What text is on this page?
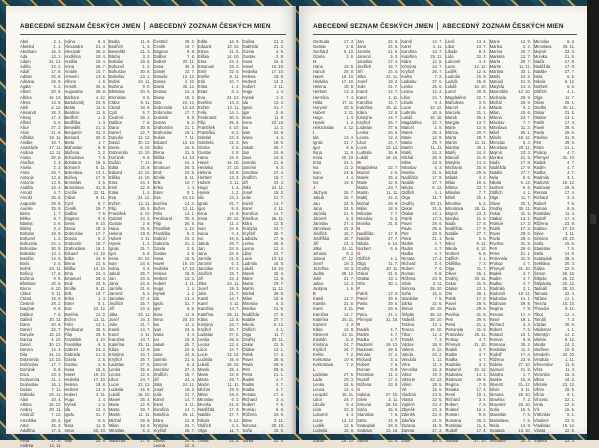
ABECEDNÍ SEZNAM ČESKÝCH JMEN ABECEDNÝ ZOZNAM ČESKÝCH MIEN
Abel	2. 1.
Abelard	1. 1.
Abraham	16. 3.
Ada	13. 1.
Adam	24. 12.
Adéla	23. 2.
Adolf	17. 6.
Adrian	26. 8.
Adriana	26. 8.
Agáta	5. 2.
Albert	20. 5.
Albína	16. 12.
Alena	13. 8.
Aleš	2. 12.
Alexandr	26. 2.
Alexej	17. 3.
Alfréd	6. 6.
Alice	27. 3.
Alois	21. 6.
Alžběta	19. 11.
Amálie	10. 7.
Anastázie	17. 11.
Andrea	13. 11.
Aneta	30. 8.
Anežka	2. 3.
Aniela	2. 3.
Anna	26. 7.
Antonie	13. 6.
Antonín	13. 6.
Anděla	18. 4.
Arnold	4. 7.
Arnošt	30. 6.
Augustin	28. 8.
Aurelie	25. 9.
Berta	1. 7.
Bětka	8. 7.
Blanka	2. 6.
Blažej	3. 2.
Bohdan	19. 8.
Bohumil	1. 2.
Bohumila	24. 1.
Bohuslav	30. 8.
Boleslav	13. 1.
Bonifác	14. 5.
Boris	2. 5.
Bořek	24. 11.
Bořivoj	17. 9.
Božena	9. 6.
Břetislav	20. 6.
Bruno	6. 10.
Ctibor	9. 11.
Ctirad	18. 6.
Čestmír	28. 2.
Dagmar	9. 8.
Dalibor	7. 6.
Dalimil	20. 11.
Dana	30. 8.
Daniel	22. 7.
Danuše	13. 12.
Darina	4. 10.
David	30. 12.
Denisa	14. 4.
Dita	24. 12.
Dobromila	13. 10.
Dobroslav	17. 7.
Dominik	8. 8.
Dora	23. 4.
Drahomíra	21. 1.
Drahoslav	16. 1.
Dušan	7. 11.
Dalimila	20. 11.
Alan	10. 4.
Albína	16. 12.
Andrej	30. 11.
Ambrož	7. 12.
Arnoštka	30. 6.
Artur	25. 3.
Adolfina	17. 6.
Agnes	2. 3.
Alma	27. 6.
Andrea	13. 11.
Adina	8. 3.
Alexandra	21. 4.
Alexandr	26. 2.
Andělína	18. 4.
Anděla	18. 4.
Anna	26. 7.
Amálie	10. 7.
Antonín	13. 6.
Alfons	1. 8.
Arnošt	30. 6.
Augustina	28. 8.
Barbora	4. 12.
Bartoloměj	24. 8.
Beáta	11. 6.
Beatrice	11. 6.
Bedřich	1. 3.
Bedřiška	1. 3.
Benedikt	21. 3.
Benjamín	31. 3.
Bernard	20. 8.
Berta	1. 7.
Blahoslav	9. 9.
Blažena	3. 2.
Bohuslava	7. 8.
Bohdana	19. 8.
Bohumír	5. 11.
Boleslava	13. 1.
Bořivoj	17. 9.
Bronislav	3. 6.
Bronislava	31. 8.
Cecílie	22. 11.
Ctibor	9. 11.
Cyril	5. 7.
Čeněk	19. 7.
Dalibor	7. 6.
Dagmar	9. 8.
Denis	9. 10.
Diana	18. 3.
Dobroslav	17. 7.
Dorota	6. 2.
Drahomír	18. 7.
Drahoslava	16. 1.
Eduard	13. 10.
Edita	16. 9.
Elena	21. 5.
Eliška	14. 10.
Ema	24. 4.
Emanuel	26. 3.
Emil	22. 5.
Emílie	8. 11.
Erik	10. 7.
Erika	1. 4.
Ester	8. 1.
Eva	24. 12.
Evelína	14. 2.
Evžen	13. 11.
Felix	14. 1.
Ferdinand	30. 5.
Filip	26. 5.
František	4. 10.
Františka	9. 3.
Gabriel	24. 3.
Gabriela	21. 3.
Gizela	2. 5.
Gustav	2. 8.
Hana	15. 5.
Havel	16. 10.
Hedvika	17. 10.
Helena	18. 8.
Herbert	13. 3.
Hubert	3. 11.
Hugo	1. 4.
Hynek	1. 2.
Ida	13. 4.
Ignác	31. 7.
Igor	5. 6.
Ilona	11. 9.
Irena	20. 10.
Iva	11. 2.
Ivan	24. 6.
Beáta	11. 6.
Bedřich	1. 3.
Benedikt	21. 3.
Blažej	3. 2.
Bohdan	19. 8.
Bohumil	1. 2.
Bohuslav	30. 8.
Boleslav	13. 1.
Bořek	24. 11.
Božena	9. 6.
Břetislav	20. 6.
Bronislav	3. 6.
Ctibor	9. 11.
Ctirad	18. 6.
Cyril	5. 7.
Čestmír	28. 2.
Dalibor	7. 6.
Dana	30. 8.
Daniel	22. 7.
Danuše	13. 12.
David	30. 12.
Denis	9. 10.
Dobromila	13. 10.
Dominik	8. 8.
Dušan	7. 11.
Edita	16. 9.
Eduard	13. 10.
Eliška	14. 10.
Ema	24. 4.
Emil	22. 5.
Erika	1. 4.
Eva	24. 12.
Evžen	13. 11.
Filip	26. 5.
František	4. 10.
Gabriel	24. 3.
Gustav	2. 8.
Hana	15. 5.
Helena	18. 8.
Hubert	3. 11.
Hynek	1. 2.
Ignác	31. 7.
Igor	5. 6.
Irena	20. 10.
Ivan	24. 6.
Ivana	4. 4.
Jakub	25. 7.
Jan	24. 6.
Jana	24. 5.
Jarmila	21. 6.
Jaromír	5. 3.
Jaroslav	27. 4.
Jindřich	15. 7.
Jiří	24. 4.
Jitka	24. 11.
Josef	19. 3.
Julie	21. 7.
Kamil	14. 7.
Karel	4. 11.
Karolína	14. 7.
Kateřina	25. 11.
Klára	12. 8.
Kristýna	24. 7.
Kryštof	26. 7.
Ladislav	27. 6.
Lenka	26. 6.
Leona	12. 4.
Libor	24. 7.
Lucie	13. 12.
Ludmila	16. 9.
Lukáš	18. 10.
Marek	25. 4.
Marie	12. 9.
Marta	29. 7.
Martin	11. 11.
Michal	29. 9.
Milan	18. 6.
Miroslav	6. 3.
Monika	21. 5.
Naděžda	17. 9.
Čestmír	28. 2.
Čeněk	19. 7.
Dagmar	9. 8.
Dalibor	7. 6.
Dalimil	20. 11.
Dana	30. 8.
Daniel	22. 7.
Danuše	13. 12.
Darina	4. 10.
David	30. 12.
Denisa	14. 4.
Diana	18. 3.
Dita	24. 12.
Dobromila	13. 10.
Dobroslav	17. 7.
Dominik	8. 8.
Dorota	6. 2.
Drahomíra	21. 1.
Drahoslav	16. 1.
Dušan	7. 11.
Eduard	13. 10.
Edita	16. 9.
Elena	21. 5.
Eliška	14. 10.
Ema	24. 4.
Emanuel	26. 3.
Emil	22. 5.
Emílie	8. 11.
Erik	10. 7.
Erika	1. 4.
Ester	8. 1.
Eva	24. 12.
Evelína	14. 2.
Evžen	13. 11.
Felix	14. 1.
Ferdinand	30. 5.
Filip	26. 5.
František	4. 10.
Františka	9. 3.
Gabriel	24. 3.
Gabriela	21. 3.
Gizela	2. 5.
Gustav	2. 8.
Hana	15. 5.
Havel	16. 10.
Hedvika	17. 10.
Helena	18. 8.
Herbert	13. 3.
Hubert	3. 11.
Hugo	1. 4.
Hynek	1. 2.
Ida	13. 4.
Ignác	31. 7.
Igor	5. 6.
Ilona	11. 9.
Irena	20. 10.
Iva	11. 2.
Ivan	24. 6.
Ivana	4. 4.
Ivo	19. 5.
Jakub	25. 7.
Jan	24. 6.
Jana	24. 5.
Jarmila	21. 6.
Jaromír	5. 3.
Jaroslav	27. 4.
Jindřich	15. 7.
Jiří	24. 4.
Jitka	24. 11.
Josef	19. 3.
Julie	21. 7.
Kamil	14. 7.
Karel	4. 11.
Karolína	14. 7.
Kateřina	25. 11.
Klára	12. 8.
Kristýna	24. 7.
Kryštof	26. 7.
Ladislav	27. 6.
Lenka	26. 6.
Leona	12. 4.
Edita	16. 9.
Eduard	13. 10.
Elena	21. 5.
Eliška	14. 10.
Ema	24. 4.
Emanuel	26. 3.
Emil	22. 5.
Emílie	8. 11.
Erik	10. 7.
Erika	1. 4.
Ester	8. 1.
Eva	24. 12.
Evelína	14. 2.
Evžen	13. 11.
Felix	14. 1.
Ferdinand	30. 5.
Filip	26. 5.
František	4. 10.
Františka	9. 3.
Gabriel	24. 3.
Gabriela	21. 3.
Gizela	2. 5.
Gustav	2. 8.
Hana	15. 5.
Havel	16. 10.
Hedvika	17. 10.
Helena	18. 8.
Herbert	13. 3.
Hubert	3. 11.
Hugo	1. 4.
Hynek	1. 2.
Ida	13. 4.
Ignác	31. 7.
Igor	5. 6.
Ilona	11. 9.
Irena	20. 10.
Iva	11. 2.
Ivan	24. 6.
Ivana	4. 4.
Ivo	19. 5.
Jakub	25. 7.
Jan	24. 6.
Jana	24. 5.
Jarmila	21. 6.
Jaromír	5. 3.
Jaroslav	27. 4.
Jindřich	15. 7.
Jiří	24. 4.
Jitka	24. 11.
Josef	19. 3.
Julie	21. 7.
Kamil	14. 7.
Karel	4. 11.
Karolína	14. 7.
Kateřina	25. 11.
Klára	12. 8.
Kristýna	24. 7.
Kryštof	26. 7.
Ladislav	27. 6.
Lenka	26. 6.
Leona	12. 4.
Libor	24. 7.
Lucie	13. 12.
Ludmila	16. 9.
Lukáš	18. 10.
Marek	25. 4.
Marie	12. 9.
Marta	29. 7.
Martin	11. 11.
Michal	29. 9.
Milan	18. 6.
Miroslav	6. 3.
Monika	21. 5.
Naděžda	17. 9.
Natálie	27. 7.
Nikola	6. 12.
Oldřich	4. 1.
Olga	11. 7.
Ondřej	30. 11.
Oskar	31. 5.
Galina	21. 3.
Gabriela	21. 3.
Gizela	2. 5.
Gustav	2. 8.
Hana	15. 5.
Havel	16. 10.
Hedvika	17. 10.
Helena	18. 8.
Herbert	13. 3.
Hubert	3. 11.
Hugo	1. 4.
Hynek	1. 2.
Ida	13. 4.
Ignác	31. 7.
Igor	5. 6.
Ilona	11. 9.
Irena	20. 10.
Iva	11. 2.
Ivan	24. 6.
Ivana	4. 4.
Ivo	19. 5.
Jakub	25. 7.
Jan	24. 6.
Jana	24. 5.
Jarmila	21. 6.
Jaromír	5. 3.
Jaroslav	27. 4.
Jindřich	15. 7.
Jiří	24. 4.
Jitka	24. 11.
Josef	19. 3.
Julie	21. 7.
Kamil	14. 7.
Karel	4. 11.
Karolína	14. 7.
Kateřina	25. 11.
Klára	12. 8.
Kristýna	24. 7.
Kryštof	26. 7.
Ladislav	27. 6.
Lenka	26. 6.
Leona	12. 4.
Libor	24. 7.
Lucie	13. 12.
Ludmila	16. 9.
Lukáš	18. 10.
Marek	25. 4.
Marie	12. 9.
Marta	29. 7.
Martin	11. 11.
Michal	29. 9.
Milan	18. 6.
Miroslav	6. 3.
Monika	21. 5.
Naděžda	17. 9.
Natálie	27. 7.
Nikola	6. 12.
Oldřich	4. 1.
Olga	11. 7.
Ondřej	30. 11.
Oskar	31. 5.
Otakar	13. 1.
Patrik	17. 3.
Pavel	29. 6.
Pavla	29. 6.
Petr	29. 6.
Petra	21. 1.
Radek	4. 7.
Radim	4. 7.
Radka	4. 7.
Renata	17. 4.
Richard	3. 4.
Robert	7. 6.
Roman	9. 8.
Růžena	23. 9.
Silvie	3. 11.
Simona	28. 10.
Soňa	15. 5.
Stanislav	7. 5.
Šárka	22. 5.
ABECEDNÍ SEZNAM ČESKÝCH JMEN ABECEDNÝ ZOZNAM ČESKÝCH MIEN
Gertruda	17. 3.
Gustav	2. 8.
Gerhard	9. 10.
Gizela	2. 5.
H
Hana	15. 5.
Hanuš	28. 8.
Havel	16. 10.
Hedvika	17. 10.
Helena	18. 8.
Herbert	13. 3.
Hermína	7. 4.
Hilda	17. 11.
Horymír	20. 5.
Hubert	3. 11.
Hugo	1. 4.
Hynek	1. 2.
Hvězdoslav 4. 12.
I
Ida	13. 4.
Ignác	31. 7.
Igor	5. 6.
Ilona	11. 9.
Irena	20. 10.
Irma	24. 1.
Iva	11. 2.
Ivan	24. 6.
Ivana	4. 4.
Ivo	19. 5.
J
Jáchym	26. 7.
Jakub	25. 7.
Jan	24. 6.
Jana	24. 5.
Jarmila	21. 6.
Jaromír	5. 3.
Jaroslav	27. 4.
Jaroslava	22. 3.
Jindřich	15. 7.
Jindřiška	16. 7.
Jiří	24. 4.
Jitka	24. 11.
Johana	8. 2.
Jolana	27. 12.
Josef	19. 3.
Jozefína	19. 3.
Judita	29. 12.
Julie	21. 7.
Julius	12. 4.
Justýna	1. 6.
K
Kamil	14. 7.
Kamila	31. 5.
Karel	4. 11.
Karolína	14. 7.
Kateřina	25. 11.
Kazimír	4. 3.
Klára	12. 8.
Klement	23. 11.
Kristián	5. 2.
Kristýna	24. 7.
Kryštof	26. 7.
Květa	7. 2.
Květoslav	10. 6.
Květoslava	7. 2.
L
Ladislav	27. 6.
Lada	29. 3.
Lenka	26. 6.
Leona	12. 4.
Leopold	15. 11.
Libor	24. 7.
Libuše	9. 4.
Lída	22. 3.
Lubomír	4. 4.
Lucie	13. 12.
Luděk	12. 5.
Ludmila	16. 9.
Ludvík	25. 8.
Lukáš	18. 10.
Jan	24. 6.
Jana	24. 5.
Jarmila	21. 6.
Jaromír	5. 3.
Jaroslav	27. 4.
Jindřich	15. 7.
Jiří	24. 4.
Jitka	24. 11.
Josef	19. 3.
Julie	21. 7.
Kamil	14. 7.
Karel	4. 11.
Karolína	14. 7.
Kateřina	25. 11.
Klára	12. 8.
Kristýna	24. 7.
Kryštof	26. 7.
Ladislav	27. 6.
Lenka	26. 6.
Leona	12. 4.
Libor	24. 7.
Lucie	13. 12.
Ludmila	16. 9.
Lukáš	18. 10.
M
Magdaléna	22. 7.
Marcel	2. 6.
Marek	25. 4.
Marie	12. 9.
Marta	29. 7.
Martin	11. 11.
Matěj	24. 2.
Michal	29. 9.
Milan	18. 6.
Miloslav	7. 7.
Miroslav	6. 3.
Monika	21. 5.
N
Naděžda	17. 9.
Natálie	27. 7.
Nikola	6. 12.
Norbert	6. 6.
O
Oldřich	4. 1.
Olga	11. 7.
Ondřej	30. 11.
Oskar	31. 5.
Otakar	13. 1.
Otto	30. 1.
P
Patrik	17. 3.
Pavel	29. 6.
Pavla	29. 6.
Petr	29. 6.
Petra	21. 1.
Přemysl	31. 10.
R
Radek	4. 7.
Radim	4. 7.
Radka	4. 7.
Radomír	19. 12.
Radovan	29. 8.
Renata	17. 4.
Richard	3. 4.
Robert	7. 6.
Roman	9. 8.
Rostislav	11. 4.
Rudolf	17. 4.
Růžena	23. 9.
S
Sabina	27. 10.
Silvie	3. 11.
Simona	28. 10.
Soňa	15. 5.
Stanislav	7. 5.
Stela	14. 9.
Svatopluk	28. 5.
Svatava	13. 10.
Světlana	20. 3.
Šárka	22. 5.
Kamil	14. 7.
Karel	4. 11.
Karolína	14. 7.
Kateřina	25. 11.
Klára	12. 8.
Kristýna	24. 7.
Kryštof	26. 7.
Květa	7. 2.
Ladislav	27. 6.
Lenka	26. 6.
Leona	12. 4.
Libor	24. 7.
Libuše	9. 4.
Lucie	13. 12.
Ludmila	16. 9.
Lukáš	18. 10.
Magdaléna	22. 7.
Marcel	2. 6.
Marek	25. 4.
Marie	12. 9.
Marta	29. 7.
Martin	11. 11.
Matěj	24. 2.
Michal	29. 9.
Milan	18. 6.
Miroslav	6. 3.
Monika	21. 5.
Naděžda	17. 9.
Natálie	27. 7.
Nikola	6. 12.
Oldřich	4. 1.
Olga	11. 7.
Ondřej	30. 11.
Oskar	31. 5.
Otakar	13. 1.
Patrik	17. 3.
Pavel	29. 6.
Pavla	29. 6.
Petr	29. 6.
Petra	21. 1.
Radek	4. 7.
Radim	4. 7.
Radka	4. 7.
Renata	17. 4.
Richard	3. 4.
Robert	7. 6.
Roman	9. 8.
Růžena	23. 9.
Silvie	3. 11.
Simona	28. 10.
Soňa	15. 5.
Stanislav	7. 5.
Šárka	22. 5.
Šimon	28. 10.
Štěpán	26. 12.
Tadeáš	28. 10.
Taťána	12. 1.
Tereza	15. 10.
Tibor	12. 4.
Tomáš	7. 3.
Václav	28. 9.
Valerie	9. 12.
Vanda	24. 2.
Vendula	1. 11.
Věra	11. 3.
Veronika	15. 3.
Viktor	18. 2.
Viktorie	23. 12.
Vilém	28. 5.
Vít	15. 6.
Vladimír	23. 5.
Vlasta	22. 5.
Vojtěch	23. 4.
Zbyněk	24. 3.
Zdeněk	23. 6.
Zdeňka	21. 9.
Zuzana	11. 8.
Žaneta	27. 2.
Želmíra	25. 7.
Žofie	20. 4.
Leoš	13. 4.
Libor	24. 7.
Libuše	9. 4.
Lída	22. 3.
Lubomír	4. 4.
Lucie	13. 12.
Luděk	12. 5.
Ludmila	16. 9.
Ludvík	25. 8.
Lukáš	18. 10.
Lumír	28. 8.
Magdaléna	22. 7.
Mahulena	3. 9.
Marcel	2. 6.
Marcela	31. 1.
Marek	25. 4.
Margita	13. 7.
Marie	12. 9.
Marina	20. 7.
Marta	29. 7.
Martin	11. 11.
Martina	30. 1.
Matěj	24. 2.
Matouš	21. 9.
Matylda	14. 3.
Michaela	20. 9.
Michal	29. 9.
Milada	4. 2.
Milan	18. 6.
Milena	23. 7.
Miloslav	7. 7.
Miloš	25. 1.
Miroslav	6. 3.
Miroslava	28. 11.
Mojmír	23. 3.
Monika	21. 5.
Naďa	17. 9.
Naděžda	17. 9.
Natálie	27. 7.
Nela	6. 5.
Nikol	6. 12.
Nikola	6. 12.
Norbert	6. 6.
Oldřich	4. 1.
Oldřiška	7. 3.
Olga	11. 7.
Oliver	26. 1.
Ondřej	30. 11.
Oskar	31. 5.
Otakar	13. 1.
Oto	30. 1.
Patrik	17. 3.
Pavel	29. 6.
Pavla	29. 6.
Pavlína	31. 8.
Petr	29. 6.
Petra	21. 1.
Petronela	31. 5.
Pravoslav	26. 11.
Prokop	4. 7.
Přemysl	31. 10.
Radek	4. 7.
Radim	4. 7.
Radka	4. 7.
Radmila	3. 1.
Radomír	19. 12.
Radoslav	14. 1.
Radovan	29. 8.
Regína	7. 9.
Renata	17. 4.
René	19. 1.
Richard	3. 4.
Robert	7. 6.
Roland	10. 1.
Roman	9. 8.
Romana	28. 2.
Rostislav	11. 4.
Rudolf	17. 4.
Růžena	23. 9.
Sabina	27. 10.
Marie	12. 9.
Marika	2. 2.
Marina	20. 7.
Markéta	13. 7.
Marta	29. 7.
Martin	11. 11.
Martina	30. 1.
Matěj	24. 2.
Matouš	21. 9.
Matylda	14. 3.
Maxmilián 12. 10.
Michaela	20. 9.
Michal	29. 9.
Milada	4. 2.
Milan	18. 6.
Milena	23. 7.
Miloslav	7. 7.
Miloslava	11. 3.
Miloš	25. 1.
Miluše	18. 12.
Miroslav	6. 3.
Miroslava	28. 11.
Mojmír	23. 3.
Monika	21. 5.
Naďa	17. 9.
Naděžda	17. 9.
Natálie	27. 7.
Nela	6. 5.
Nikola	6. 12.
Norbert	6. 6.
Oldřich	4. 1.
Olga	11. 7.
Oliver	26. 1.
Ondřej	30. 11.
Oskar	31. 5.
Otakar	13. 1.
Patricie	17. 3.
Patrik	17. 3.
Pavel	29. 6.
Pavla	29. 6.
Pavlína	31. 8.
Petr	29. 6.
Petra	21. 1.
Petronela	31. 5.
Prokop	4. 7.
Přemysl	31. 10.
Radek	4. 7.
Radim	4. 7.
Radka	4. 7.
Radmila	3. 1.
Radomír	19. 12.
Radoslav	14. 1.
Radovan	29. 8.
Regína	7. 9.
Renata	17. 4.
René	19. 1.
Richard	3. 4.
Robert	7. 6.
Roland	10. 1.
Roman	9. 8.
Romana	28. 2.
Rostislav	11. 4.
Rudolf	17. 4.
Růžena	23. 9.
Sabina	27. 10.
Samuel	21. 8.
Sandra	1. 7.
Saskie	16. 8.
Silvestr	31. 12.
Silvie	3. 11.
Simona	28. 10.
Slavěna	7. 2.
Slavomír	26. 10.
Soňa	15. 5.
Stanislav	7. 5.
Stanislava	7. 5.
Stela	14. 9.
Svatava	13. 10.
Svatopluk	28. 5.
Světlana	20. 3.
Miroslav	6. 3.
Miroslava	28. 11.
Mojmír	23. 3.
Monika	21. 5.
Naďa	17. 9.
Naděžda	17. 9.
Natálie	27. 7.
Nela	6. 5.
Nikola	6. 12.
Norbert	6. 6.
Oldřich	4. 1.
Olga	11. 7.
Oliver	26. 1.
Ondřej	30. 11.
Oskar	31. 5.
Otakar	13. 1.
Patrik	17. 3.
Pavel	29. 6.
Pavla	29. 6.
Pavlína	31. 8.
Petr	29. 6.
Petra	21. 1.
Prokop	4. 7.
Přemysl	31. 10.
Radek	4. 7.
Radim	4. 7.
Radka	4. 7.
Radmila	3. 1.
Radomír	19. 12.
Radovan	29. 8.
Renata	17. 4.
Richard	3. 4.
Robert	7. 6.
Roman	9. 8.
Rostislav	11. 4.
Rudolf	17. 4.
Růžena	23. 9.
Sabina	27. 10.
Silvie	3. 11.
Simona	28. 10.
Soňa	15. 5.
Stanislav	7. 5.
Stela	14. 9.
Svatopluk	28. 5.
Světlana	20. 3.
Šárka	22. 5.
Šimon	28. 10.
Štěpán	26. 12.
Štěpánka	25. 12.
Tadeáš	28. 10.
Tamara	22. 4.
Taťána	12. 1.
Tereza	15. 10.
Theodor	9. 11.
Tibor	12. 4.
Tomáš	7. 3.
Václav	28. 9.
Valdemar	1. 1.
Valentýn	14. 2.
Valérie	9. 12.
Vanda	24. 2.
Vavřinec	10. 8.
Vendelín	20. 10.
Vendula	1. 11.
Věnceslav	11. 6.
Věra	11. 3.
Veronika	15. 3.
Viktor	18. 2.
Viktorie	23. 12.
Vilém	28. 5.
Vilma	9. 1.
Vincenc	22. 1.
Viola	22. 6.
Vít	15. 6.
Vítězslav	8. 1.
Vladimír	23. 5.
Vladislav	19. 12.
Vlasta	22. 5.
Vlastimil	14. 8.
Vojtěch	23. 4.
